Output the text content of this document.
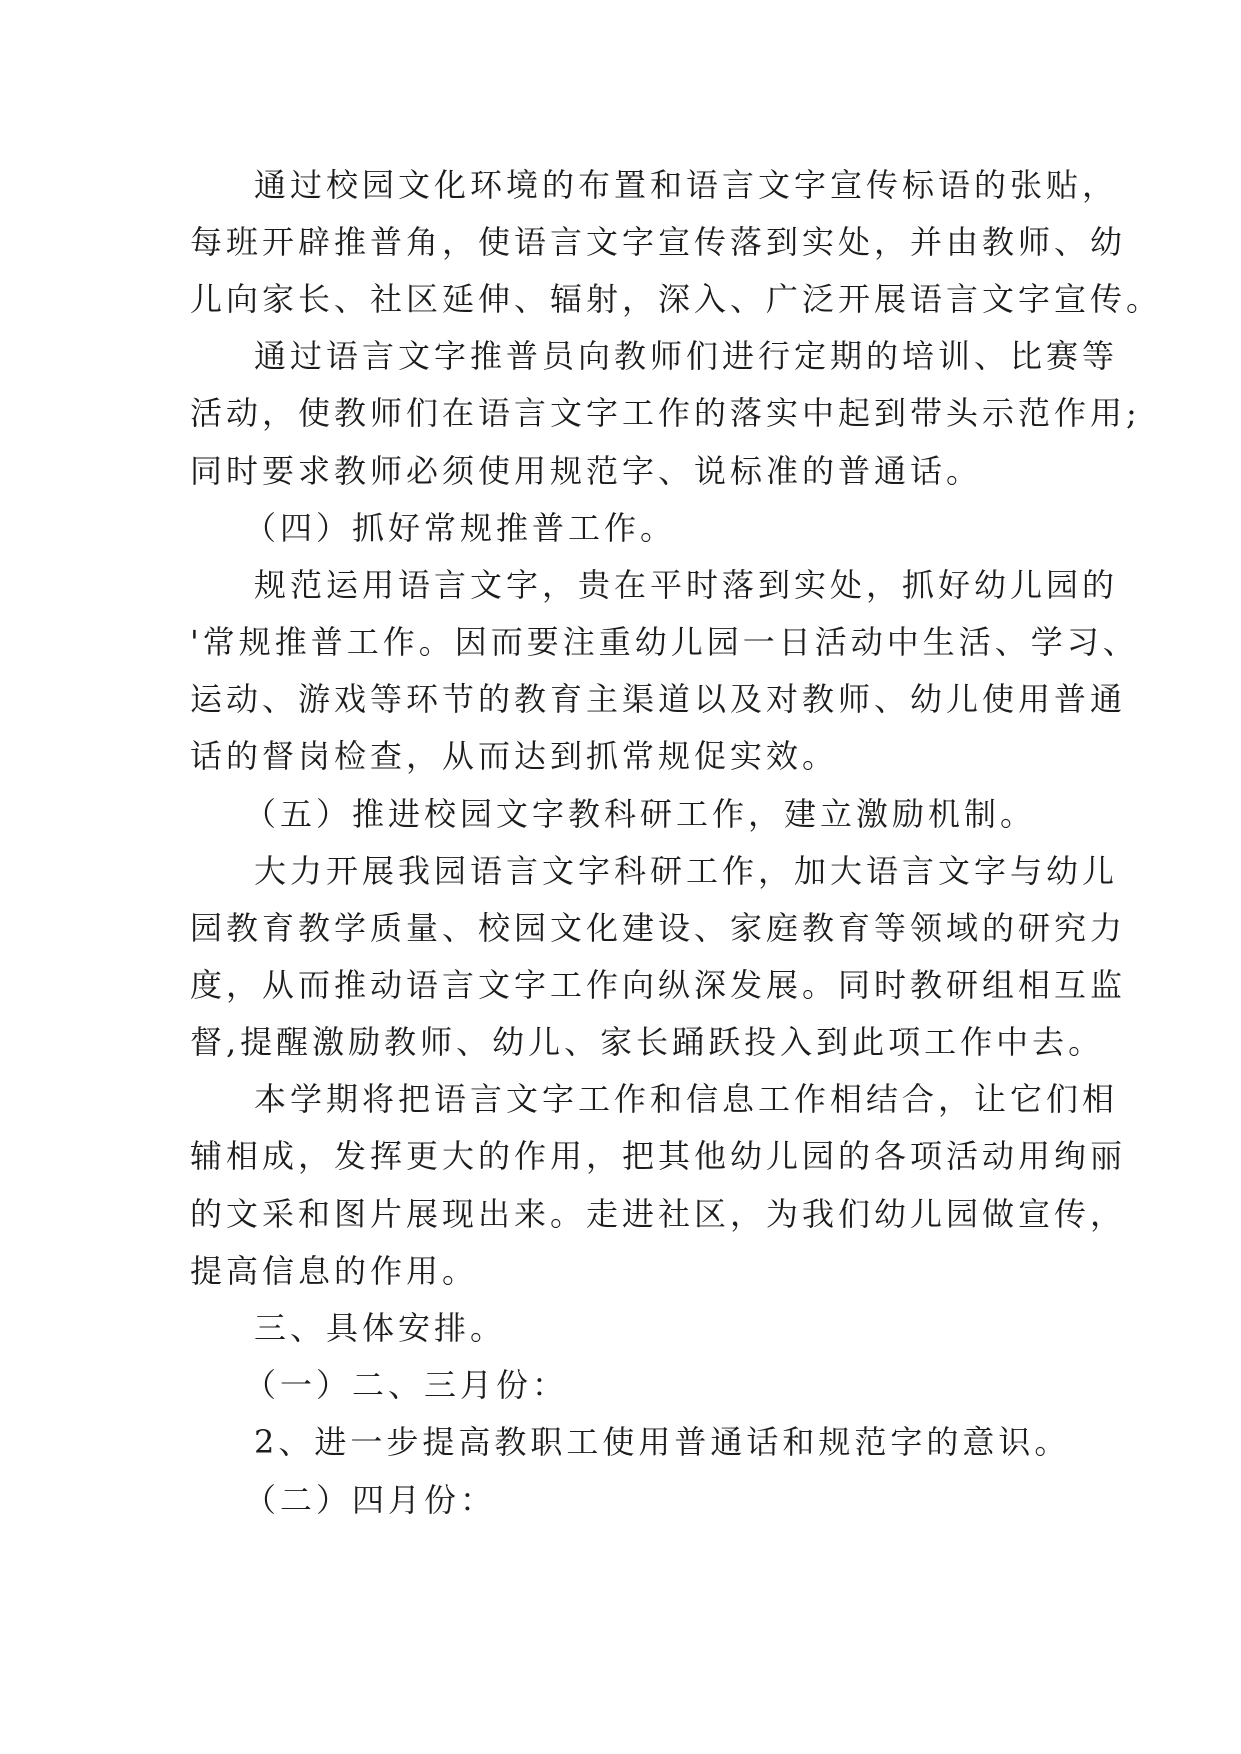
通过校园文化环境的布置和语言文字宣传标语的张贴，
每班开辟推普角，使语言文字宣传落到实处，并由教师、幼
儿向家长、社区延伸、辐射，深入、广泛开展语言文字宣传。
通过语言文字推普员向教师们进行定期的培训、比赛等
活动，使教师们在语言文字工作的落实中起到带头示范作用;
同时要求教师必须使用规范字、说标准的普通话。
（四）抓好常规推普工作。
规范运用语言文字，贵在平时落到实处，抓好幼儿园的
'常规推普工作。因而要注重幼儿园一日活动中生活、学习、
运动、游戏等环节的教育主渠道以及对教师、幼儿使用普通
话的督岗检查，从而达到抓常规促实效。
（五）推进校园文字教科研工作，建立激励机制。
大力开展我园语言文字科研工作，加大语言文字与幼儿
园教育教学质量、校园文化建设、家庭教育等领域的研究力
度，从而推动语言文字工作向纵深发展。同时教研组相互监
督,提醒激励教师、幼儿、家长踊跃投入到此项工作中去。
本学期将把语言文字工作和信息工作相结合，让它们相
辅相成，发挥更大的作用，把其他幼儿园的各项活动用绚丽
的文采和图片展现出来。走进社区，为我们幼儿园做宣传，
提高信息的作用。
三、具体安排。
（一）二、三月份：
2、进一步提高教职工使用普通话和规范字的意识。
（二）四月份：
